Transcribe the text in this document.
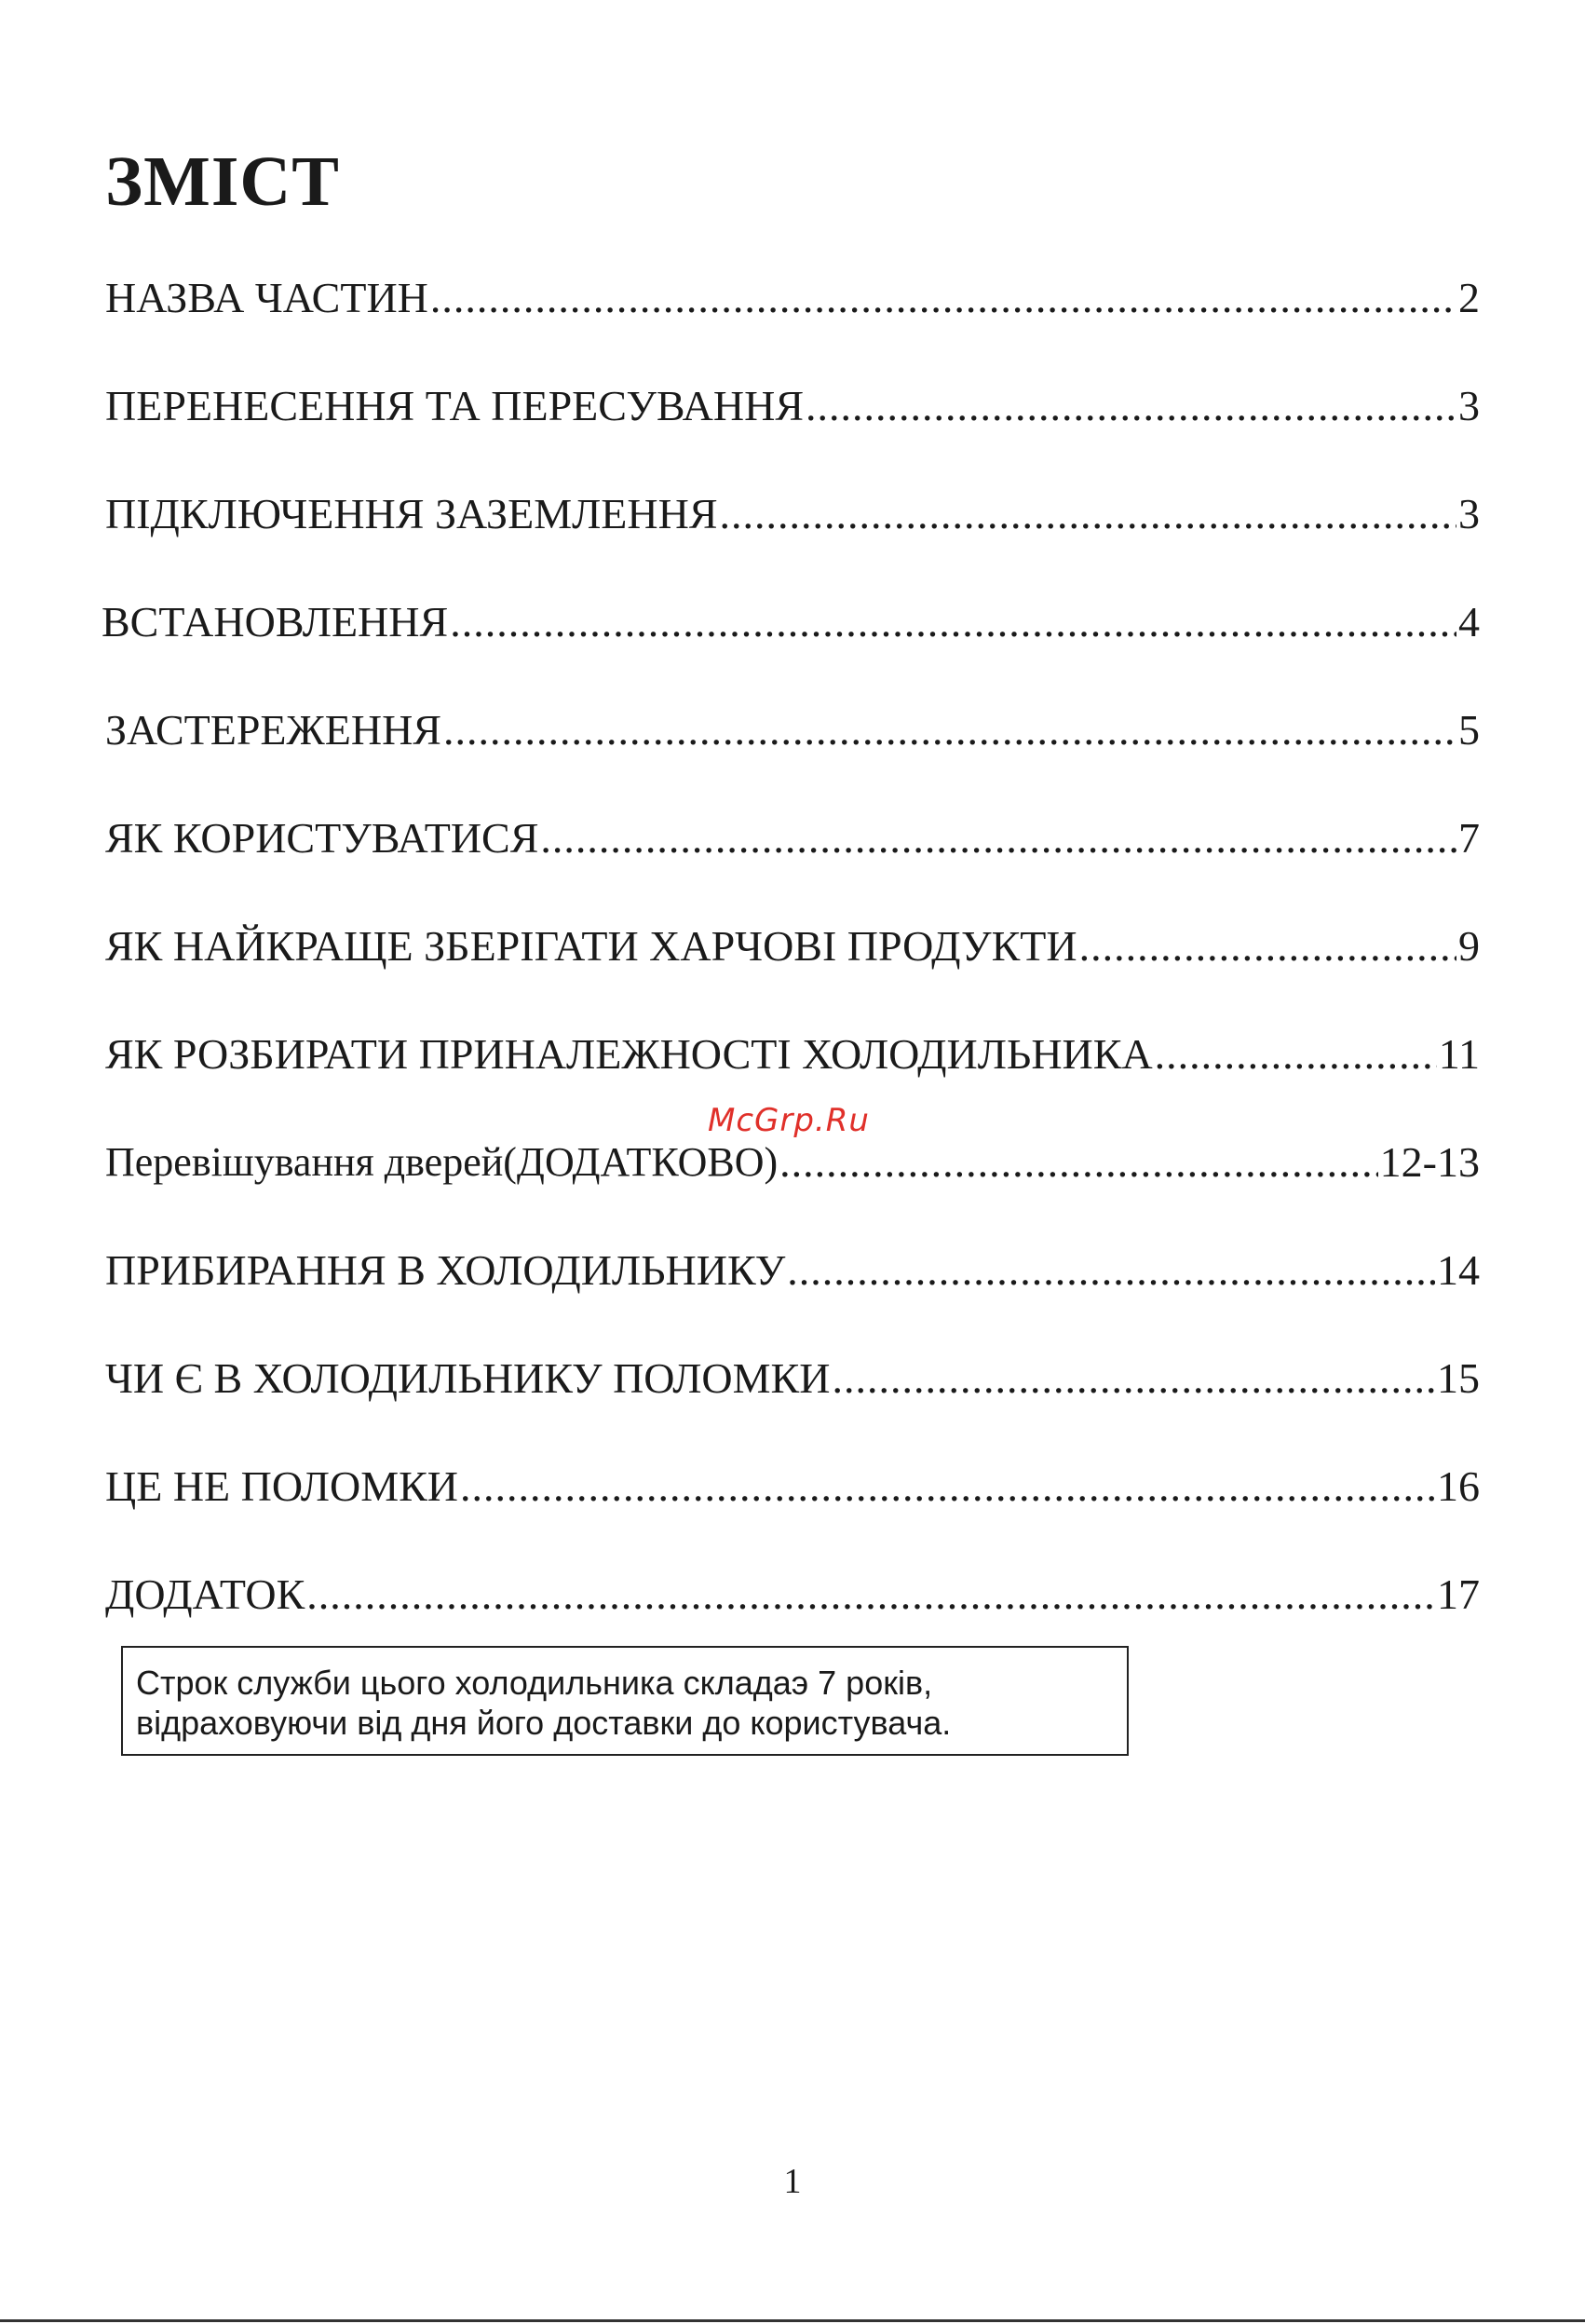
ЗМІСТ
НАЗВА ЧАСТИН .....	2
ПЕРЕНЕСЕННЯ ТА ПЕРЕСУВАННЯ .....	3
ПІДКЛЮЧЕННЯ ЗАЗЕМЛЕННЯ .....	3
ВСТАНОВЛЕННЯ .....	4
ЗАСТЕРЕЖЕННЯ .....	5
ЯК КОРИСТУВАТИСЯ .....	7
ЯК НАЙКРАЩЕ ЗБЕРІГАТИ ХАРЧОВІ ПРОДУКТИ .....	9
ЯК РОЗБИРАТИ ПРИНАЛЕЖНОСТІ ХОЛОДИЛЬНИКА .....	11
Перевішування дверей(ДОДАТКОВО) .....	12-13
ПРИБИРАННЯ В ХОЛОДИЛЬНИКУ .....	14
ЧИ Є В ХОЛОДИЛЬНИКУ ПОЛОМКИ .....	15
ЦЕ НЕ ПОЛОМКИ .....	16
ДОДАТОК .....	17
McGrp.Ru
Строк служби цього холодильника складаэ 7 років,
відраховуючи від дня його доставки до користувача.
1
